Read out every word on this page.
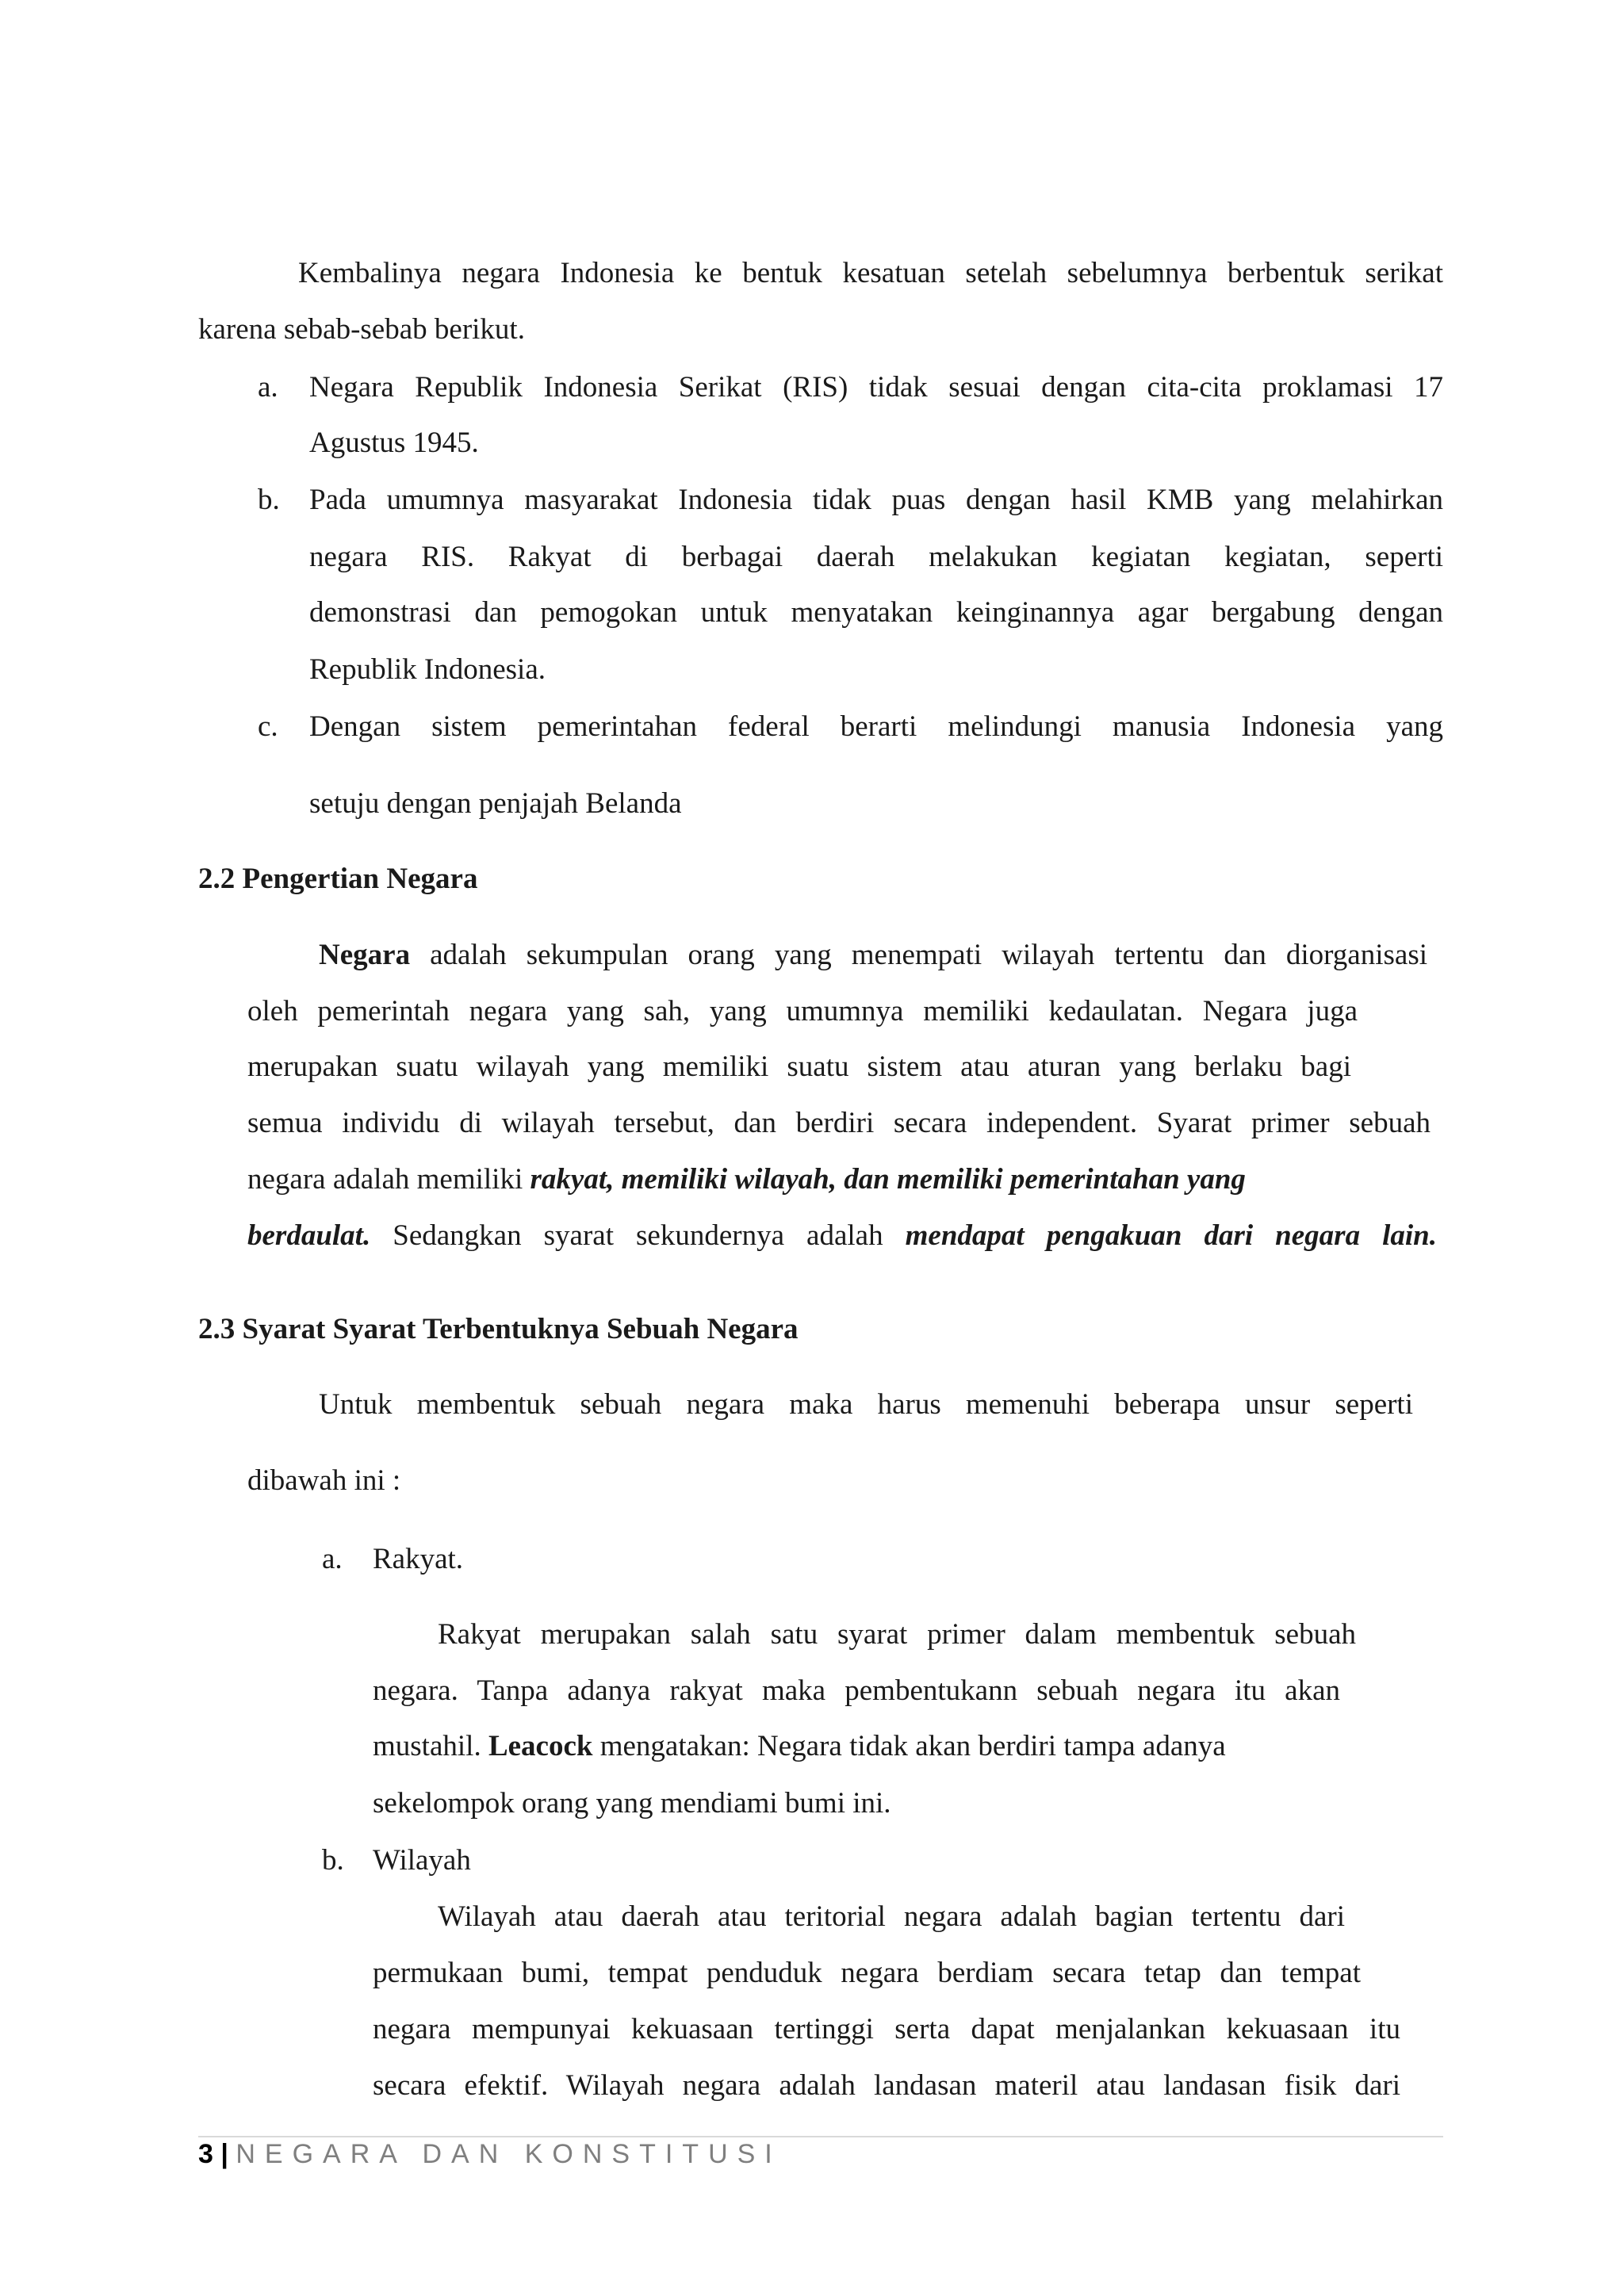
Kembalinya negara Indonesia ke bentuk kesatuan setelah sebelumnya berbentuk serikat
karena sebab-sebab berikut.
a. Negara Republik Indonesia Serikat (RIS) tidak sesuai dengan cita-cita proklamasi 17
Agustus 1945.
b. Pada umumnya masyarakat Indonesia tidak puas dengan hasil KMB yang melahirkan
negara RIS. Rakyat di berbagai daerah melakukan kegiatan kegiatan, seperti
demonstrasi dan pemogokan untuk menyatakan keinginannya agar bergabung dengan
Republik Indonesia.
c. Dengan sistem pemerintahan federal berarti melindungi manusia Indonesia yang
setuju dengan penjajah Belanda
2.2 Pengertian Negara
Negara adalah sekumpulan orang yang menempati wilayah tertentu dan diorganisasi
oleh pemerintah negara yang sah, yang umumnya memiliki kedaulatan. Negara juga
merupakan suatu wilayah yang memiliki suatu sistem atau aturan yang berlaku bagi
semua individu di wilayah tersebut, dan berdiri secara independent. Syarat primer sebuah
negara adalah memiliki rakyat, memiliki wilayah, dan memiliki pemerintahan yang
berdaulat. Sedangkan syarat sekundernya adalah mendapat pengakuan dari negara lain.
2.3 Syarat Syarat Terbentuknya Sebuah Negara
Untuk membentuk sebuah negara maka harus memenuhi beberapa unsur seperti
dibawah ini :
a. Rakyat.
Rakyat merupakan salah satu syarat primer dalam membentuk sebuah
negara. Tanpa adanya rakyat maka pembentukann sebuah negara itu akan
mustahil. Leacock mengatakan: Negara tidak akan berdiri tampa adanya
sekelompok orang yang mendiami bumi ini.
b. Wilayah
Wilayah atau daerah atau teritorial negara adalah bagian tertentu dari
permukaan bumi, tempat penduduk negara berdiam secara tetap dan tempat
negara mempunyai kekuasaan tertinggi serta dapat menjalankan kekuasaan itu
secara efektif. Wilayah negara adalah landasan materil atau landasan fisik dari
3 | NEGARA DAN KONSTITUSI
